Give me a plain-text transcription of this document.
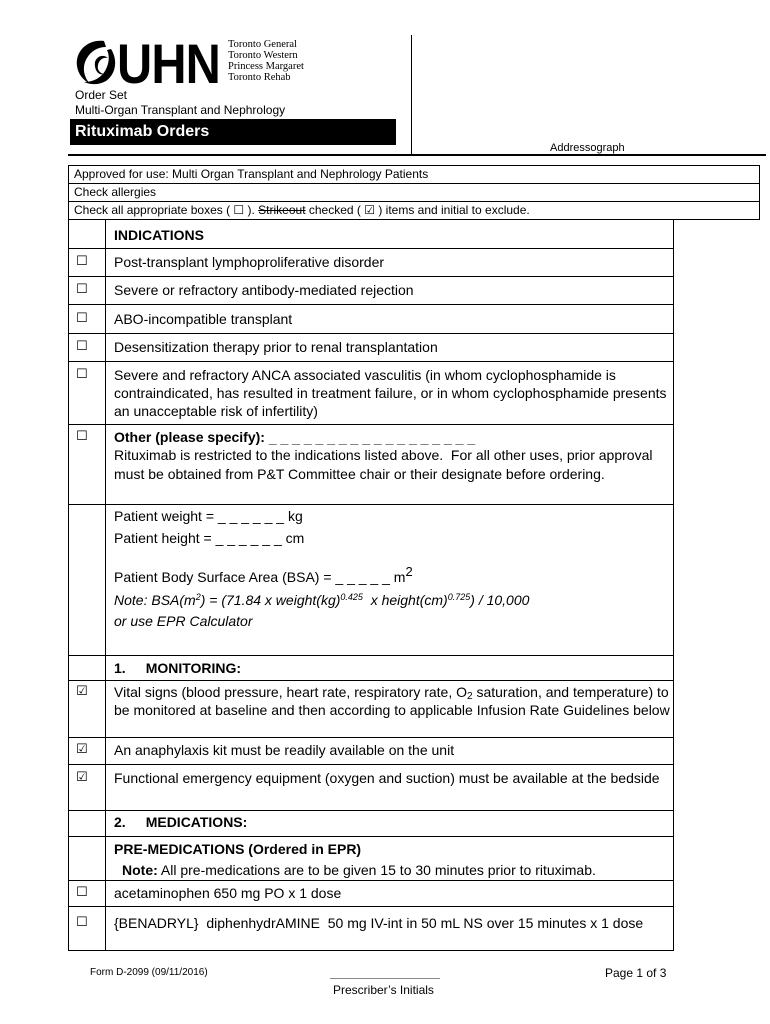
UHN Toronto General
Toronto Western
Princess Margaret
Toronto Rehab
Order Set
Multi-Organ Transplant and Nephrology
Rituximab Orders
Addressograph
Approved for use: Multi Organ Transplant and Nephrology Patients
Check allergies
Check all appropriate boxes ( ☐ ). Strikeout checked ( ☑ ) items and initial to exclude.
INDICATIONS
☐	Post-transplant lymphoproliferative disorder
☐	Severe or refractory antibody-mediated rejection
☐	ABO-incompatible transplant
☐	Desensitization therapy prior to renal transplantation
☐	Severe and refractory ANCA associated vasculitis (in whom cyclophosphamide is contraindicated, has resulted in treatment failure, or in whom cyclophosphamide presents an unacceptable risk of infertility)
☐	Other (please specify): _ _ _ _ _ _ _ _ _ _ _ _ _ _ _ _ _ _
Rituximab is restricted to the indications listed above.  For all other uses, prior approval must be obtained from P&T Committee chair or their designate before ordering.
Patient weight = _ _ _ _ _ _ kg
Patient height = _ _ _ _ _ _ cm
Patient Body Surface Area (BSA) = _ _ _ _ _ $m^2$
Note: $BSA(m^2) = (71.84$ x weight(kg)$^{0.425}$  x height(cm)$^{0.725}$) / 10,000
or use EPR Calculator
1. MONITORING:
☑	Vital signs (blood pressure, heart rate, respiratory rate, $O_2$ saturation, and temperature) to be monitored at baseline and then according to applicable Infusion Rate Guidelines below
☑	An anaphylaxis kit must be readily available on the unit
☑	Functional emergency equipment (oxygen and suction) must be available at the bedside
2. MEDICATIONS:
PRE-MEDICATIONS (Ordered in EPR)
Note: All pre-medications are to be given 15 to 30 minutes prior to rituximab.
☐	acetaminophen 650 mg PO x 1 dose
☐	{BENADRYL}  diphenhydrAMINE  50 mg IV-int in 50 mL NS over 15 minutes x 1 dose
Form D-2099 (09/11/2016)
Prescriber’s Initials
Page 1 of 3
